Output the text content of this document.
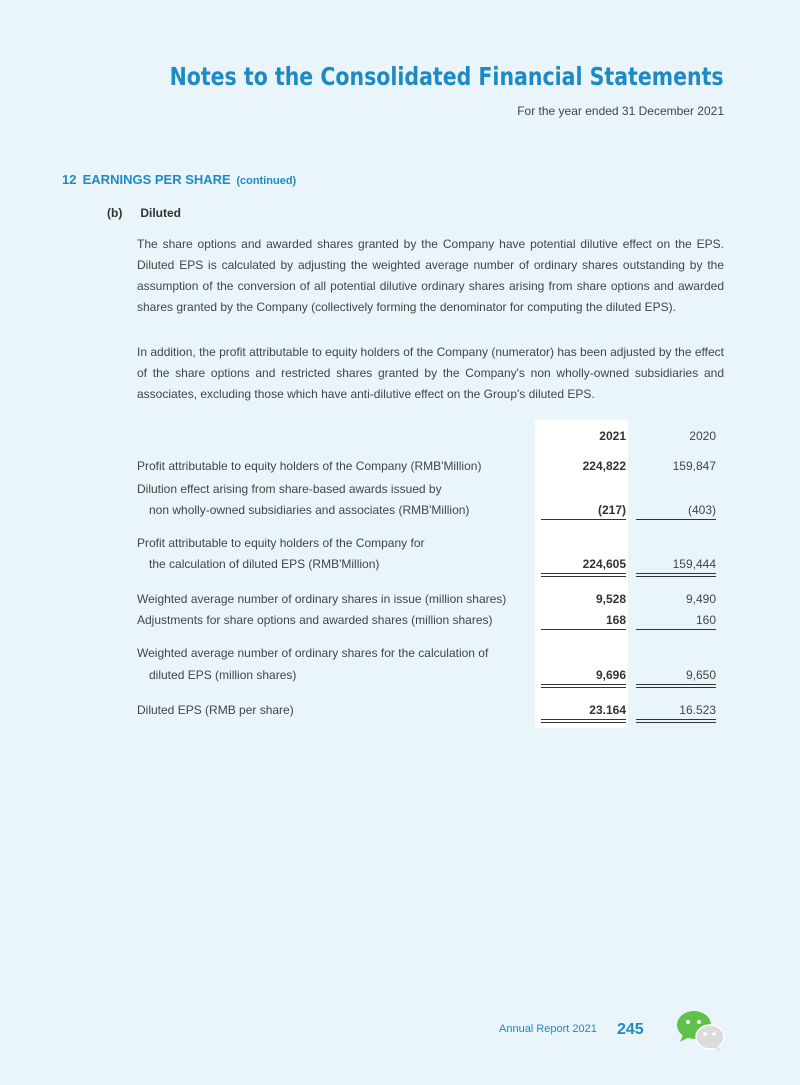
Notes to the Consolidated Financial Statements
For the year ended 31 December 2021
12 EARNINGS PER SHARE (continued)
(b) Diluted

The share options and awarded shares granted by the Company have potential dilutive effect on the EPS. Diluted EPS is calculated by adjusting the weighted average number of ordinary shares outstanding by the assumption of the conversion of all potential dilutive ordinary shares arising from share options and awarded shares granted by the Company (collectively forming the denominator for computing the diluted EPS).

In addition, the profit attributable to equity holders of the Company (numerator) has been adjusted by the effect of the share options and restricted shares granted by the Company's non wholly-owned subsidiaries and associates, excluding those which have anti-dilutive effect on the Group's diluted EPS.

2021	2020
Profit attributable to equity holders of the Company (RMB'Million)	224,822	159,847
Dilution effect arising from share-based awards issued by
non wholly-owned subsidiaries and associates (RMB'Million)	(217)	(403)
Profit attributable to equity holders of the Company for
the calculation of diluted EPS (RMB'Million)	224,605	159,444
Weighted average number of ordinary shares in issue (million shares)	9,528	9,490
Adjustments for share options and awarded shares (million shares)	168	160
Weighted average number of ordinary shares for the calculation of
diluted EPS (million shares)	9,696	9,650
Diluted EPS (RMB per share)	23.164	16.523
Annual Report 2021 245
